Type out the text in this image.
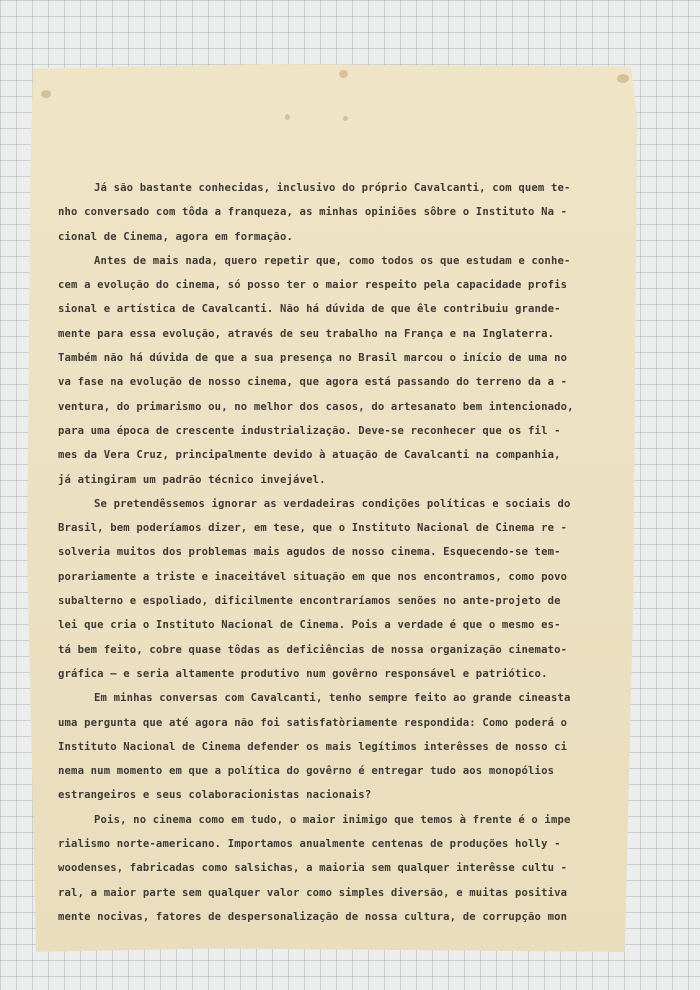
Já são bastante conhecidas, inclusivo do próprio Cavalcanti, com quem te-
nho conversado com tôda a franqueza, as minhas opiniões sôbre o Instituto Na -
cional de Cinema, agora em formação.
Antes de mais nada, quero repetir que, como todos os que estudam e conhe-
cem a evolução do cinema, só posso ter o maior respeito pela capacidade profis
sional e artística de Cavalcanti. Não há dúvida de que êle contribuiu grande-
mente para essa evolução, através de seu trabalho na França e na Inglaterra.
Também não há dúvida de que a sua presença no Brasil marcou o início de uma no
va fase na evolução de nosso cinema, que agora está passando do terreno da a -
ventura, do primarismo ou, no melhor dos casos, do artesanato bem intencionado,
para uma época de crescente industrialização. Deve-se reconhecer que os fil -
mes da Vera Cruz, principalmente devido à atuação de Cavalcanti na companhia,
já atingiram um padrão técnico invejável.
Se pretendêssemos ignorar as verdadeiras condições políticas e sociais do
Brasil, bem poderíamos dizer, em tese, que o Instituto Nacional de Cinema re -
solveria muitos dos problemas mais agudos de nosso cinema. Esquecendo-se tem-
porariamente a triste e inaceitável situação em que nos encontramos, como povo
subalterno e espoliado, dificilmente encontraríamos senões no ante-projeto de
lei que cria o Instituto Nacional de Cinema. Pois a verdade é que o mesmo es-
tá bem feito, cobre quase tôdas as deficiências de nossa organização cinemato-
gráfica — e seria altamente produtivo num govêrno responsável e patriótico.
Em minhas conversas com Cavalcanti, tenho sempre feito ao grande cineasta
uma pergunta que até agora não foi satisfatòriamente respondida: Como poderá o
Instituto Nacional de Cinema defender os mais legítimos interêsses de nosso ci
nema num momento em que a política do govêrno é entregar tudo aos monopólios
estrangeiros e seus colaboracionistas nacionais?
Pois, no cinema como em tudo, o maior inimigo que temos à frente é o impe
rialismo norte-americano. Importamos anualmente centenas de produções holly -
woodenses, fabricadas como salsichas, a maioria sem qualquer interêsse cultu -
ral, a maior parte sem qualquer valor como simples diversão, e muitas positiva
mente nocivas, fatores de despersonalização de nossa cultura, de corrupção mon
